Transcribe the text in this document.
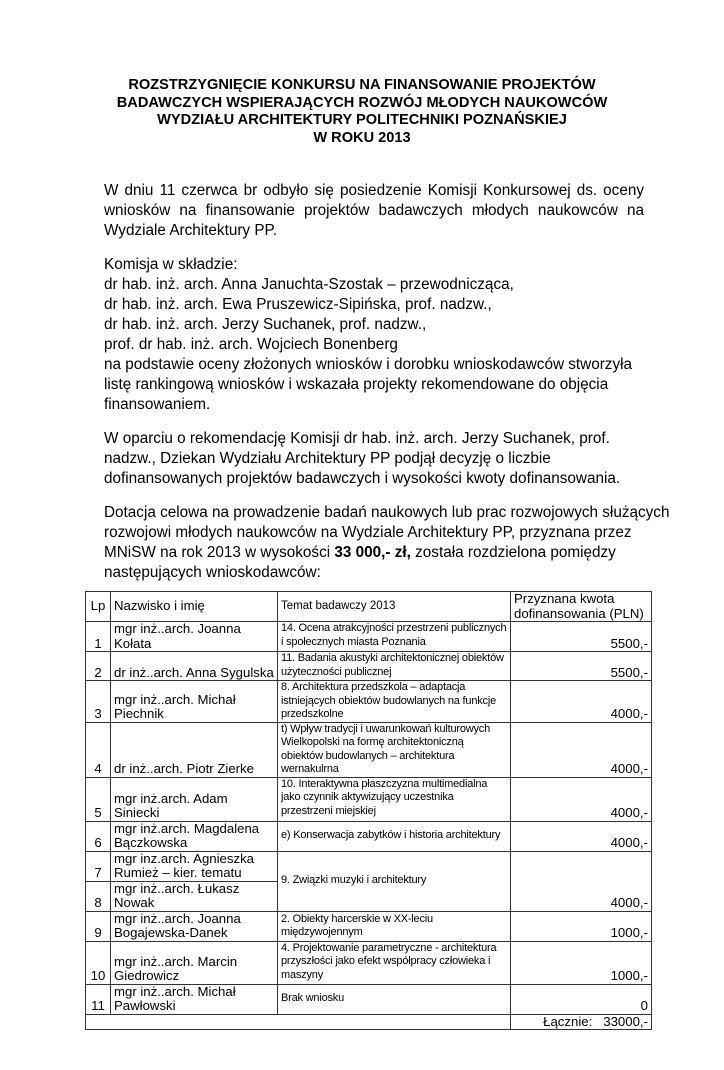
ROZSTRZYGNIĘCIE KONKURSU NA FINANSOWANIE PROJEKTÓW
BADAWCZYCH WSPIERAJĄCYCH ROZWÓJ MŁODYCH NAUKOWCÓW
WYDZIAŁU ARCHITEKTURY POLITECHNIKI POZNAŃSKIEJ
W ROKU 2013
W dniu 11 czerwca br odbyło się posiedzenie Komisji Konkursowej ds. oceny wniosków na finansowanie projektów badawczych młodych naukowców na Wydziale Architektury PP.
Komisja w składzie:
dr hab. inż. arch. Anna Januchta-Szostak – przewodnicząca,
dr hab. inż. arch. Ewa Pruszewicz-Sipińska, prof. nadzw.,
dr hab. inż. arch. Jerzy Suchanek, prof. nadzw.,
prof. dr hab. inż. arch. Wojciech Bonenberg
na podstawie oceny złożonych wniosków i dorobku wnioskodawców stworzyła listę rankingową wniosków i wskazała projekty rekomendowane do objęcia finansowaniem.
W oparciu o rekomendację Komisji dr hab. inż. arch. Jerzy Suchanek, prof.
nadzw., Dziekan Wydziału Architektury PP podjął decyzję o liczbie
dofinansowanych projektów badawczych i wysokości kwoty dofinansowania.
Dotacja celowa na prowadzenie badań naukowych lub prac rozwojowych służących
rozwojowi młodych naukowców na Wydziale Architektury PP, przyznana przez
MNiSW na rok 2013 w wysokości 33 000,- zł, została rozdzielona pomiędzy
następujących wnioskodawców:
Lp	Nazwisko i imię	Temat badawczy 2013	Przyznana kwota dofinansowania (PLN)
1	mgr inż..arch. Joanna Kołata	14. Ocena atrakcyjności przestrzeni publicznych i społecznych miasta Poznania	5500,-
2	dr inż..arch. Anna Sygulska	11. Badania akustyki architektonicznej obiektów użyteczności publicznej	5500,-
3	mgr inż..arch. Michał Piechnik	8. Architektura przedszkola – adaptacja istniejących obiektów budowlanych na funkcje przedszkolne	4000,-
4	dr inż..arch. Piotr Zierke	t) Wpływ tradycji i uwarunkowań kulturowych Wielkopolski na formę architektoniczną obiektów budowlanych – architektura wernakulrna	4000,-
5	mgr inż.arch. Adam Siniecki	10. Interaktywna płaszczyzna multimedialna jako czynnik aktywizujący uczestnika przestrzeni miejskiej	4000,-
6	mgr inż.arch. Magdalena Bączkowska	e) Konserwacja zabytków i historia architektury	4000,-
7	mgr inz.arch. Agnieszka Rumież – kier. tematu	9. Związki muzyki i architektury	4000,-
8	mgr inż..arch. Łukasz Nowak		
9	mgr inż..arch. Joanna Bogajewska-Danek	2. Obiekty harcerskie w XX-leciu międzywojennym	1000,-
10	mgr inż..arch. Marcin Giedrowicz	4. Projektowanie parametryczne - architektura przyszłości jako efekt współpracy człowieka i maszyny	1000,-
11	mgr inż..arch. Michał Pawłowski	Brak wniosku	0
			Łącznie: 33000,-
